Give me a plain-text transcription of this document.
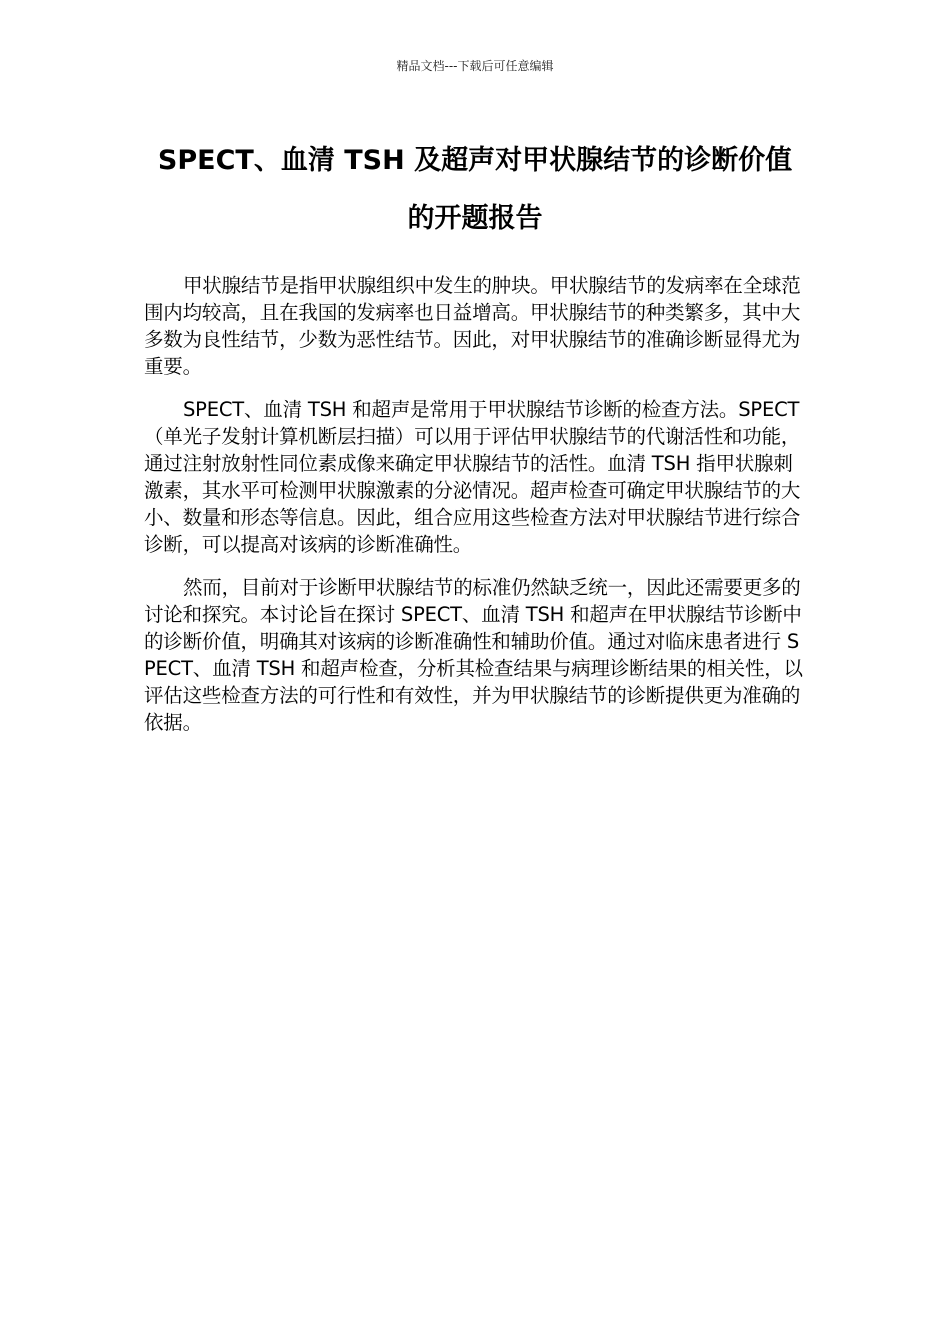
精品文档---下载后可任意编辑
SPECT、血清 TSH 及超声对甲状腺结节的诊断价值
的开题报告

甲状腺结节是指甲状腺组织中发生的肿块。甲状腺结节的发病率在全球范围内均较高，且在我国的发病率也日益增高。甲状腺结节的种类繁多，其中大多数为良性结节，少数为恶性结节。因此，对甲状腺结节的准确诊断显得尤为重要。

SPECT、血清 TSH 和超声是常用于甲状腺结节诊断的检查方法。SPECT（单光子发射计算机断层扫描）可以用于评估甲状腺结节的代谢活性和功能，通过注射放射性同位素成像来确定甲状腺结节的活性。血清 TSH 指甲状腺刺激素，其水平可检测甲状腺激素的分泌情况。超声检查可确定甲状腺结节的大小、数量和形态等信息。因此，组合应用这些检查方法对甲状腺结节进行综合诊断，可以提高对该病的诊断准确性。

然而，目前对于诊断甲状腺结节的标准仍然缺乏统一，因此还需要更多的讨论和探究。本讨论旨在探讨 SPECT、血清 TSH 和超声在甲状腺结节诊断中的诊断价值，明确其对该病的诊断准确性和辅助价值。通过对临床患者进行 SPECT、血清 TSH 和超声检查，分析其检查结果与病理诊断结果的相关性，以评估这些检查方法的可行性和有效性，并为甲状腺结节的诊断提供更为准确的依据。
